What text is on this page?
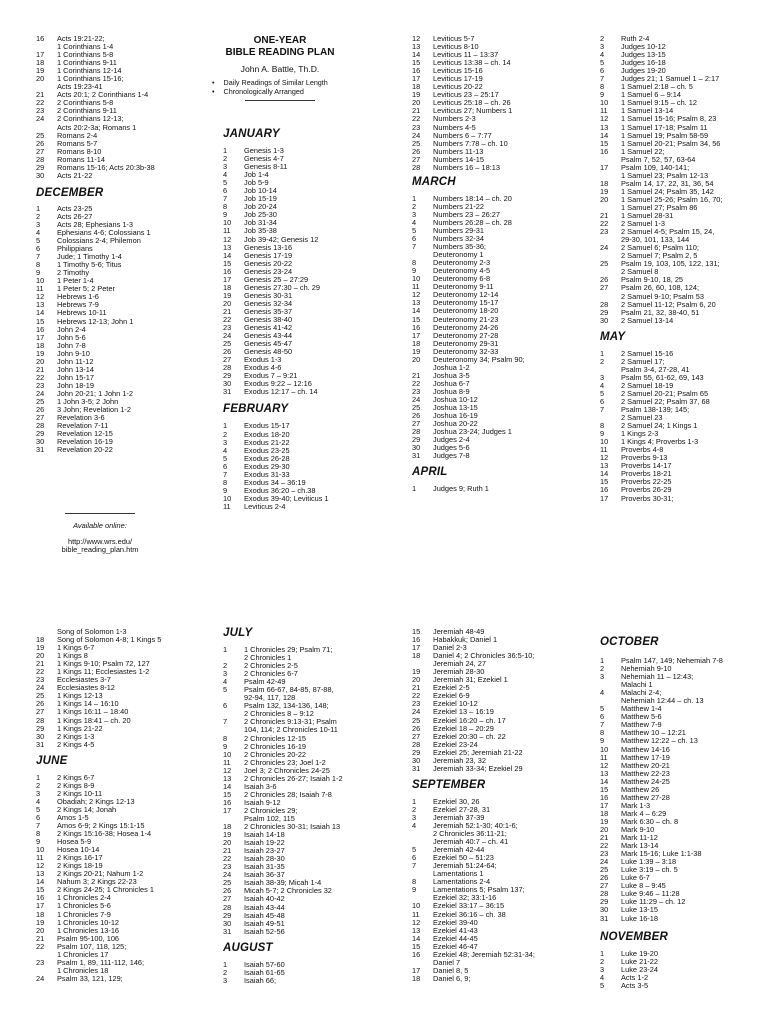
ONE-YEAR
BIBLE READING PLAN
John A. Battle, Th.D.
• Daily Readings of Similar Length
• Chronologically Arranged
Available online:
http://www.wrs.edu/
bible_reading_plan.htm
16 Acts 19:21-22;
1 Corinthians 1-4
17 1 Corinthians 5-8
18 1 Corinthians 9-11
19 1 Corinthians 12-14
20 1 Corinthians 15-16;
Acts 19:23-41
21 Acts 20:1; 2 Corinthians 1-4
22 2 Corinthians 5-8
23 2 Corinthians 9-11
24 2 Corinthians 12-13;
Acts 20:2-3a; Romans 1
25 Romans 2-4
26 Romans 5-7
27 Romans 8-10
28 Romans 11-14
29 Romans 15-16; Acts 20:3b-38
30 Acts 21-22
DECEMBER
1 Acts 23-25
2 Acts 26-27
3 Acts 28; Ephesians 1-3
4 Ephesians 4-6; Colossians 1
5 Colossians 2-4; Philemon
6 Philippians
7 Jude; 1 Timothy 1-4
8 1 Timothy 5-6; Titus
9 2 Timothy
10 1 Peter 1-4
11 1 Peter 5; 2 Peter
12 Hebrews 1-6
13 Hebrews 7-9
14 Hebrews 10-11
15 Hebrews 12-13; John 1
16 John 2-4
17 John 5-6
18 John 7-8
19 John 9-10
20 John 11-12
21 John 13-14
22 John 15-17
23 John 18-19
24 John 20-21; 1 John 1-2
25 1 John 3-5; 2 John
26 3 John; Revelation 1-2
27 Revelation 3-6
28 Revelation 7-11
29 Revelation 12-15
30 Revelation 16-19
31 Revelation 20-22
JANUARY
1 Genesis 1-3
2 Genesis 4-7
3 Genesis 8-11
4 Job 1-4
5 Job 5-9
6 Job 10-14
7 Job 15-19
8 Job 20-24
9 Job 25-30
10 Job 31-34
11 Job 35-38
12 Job 39-42; Genesis 12
13 Genesis 13-16
14 Genesis 17-19
15 Genesis 20-22
16 Genesis 23-24
17 Genesis 25 – 27:29
18 Genesis 27:30 – ch. 29
19 Genesis 30-31
20 Genesis 32-34
21 Genesis 35-37
22 Genesis 38-40
23 Genesis 41-42
24 Genesis 43-44
25 Genesis 45-47
26 Genesis 48-50
27 Exodus 1-3
28 Exodus 4-6
29 Exodus 7 – 9:21
30 Exodus 9:22 – 12:16
31 Exodus 12:17 – ch. 14
FEBRUARY
1 Exodus 15-17
2 Exodus 18-20
3 Exodus 21-22
4 Exodus 23-25
5 Exodus 26-28
6 Exodus 29-30
7 Exodus 31-33
8 Exodus 34 – 36:19
9 Exodus 36:20 – ch.38
10 Exodus 39-40; Leviticus 1
11 Leviticus 2-4
12 Leviticus 5-7
13 Leviticus 8-10
14 Leviticus 11 – 13:37
15 Leviticus 13:38 – ch. 14
16 Leviticus 15-16
17 Leviticus 17-19
18 Leviticus 20-22
19 Leviticus 23 – 25:17
20 Leviticus 25:18 – ch. 26
21 Leviticus 27; Numbers 1
22 Numbers 2-3
23 Numbers 4-5
24 Numbers 6 – 7:77
25 Numbers 7:78 – ch. 10
26 Numbers 11-13
27 Numbers 14-15
28 Numbers 16 – 18:13
MARCH
1 Numbers 18:14 – ch. 20
2 Numbers 21-22
3 Numbers 23 – 26:27
4 Numbers 26:28 – ch. 28
5 Numbers 29-31
6 Numbers 32-34
7 Numbers 35-36;
Deuteronomy 1
8 Deuteronomy 2-3
9 Deuteronomy 4-5
10 Deuteronomy 6-8
11 Deuteronomy 9-11
12 Deuteronomy 12-14
13 Deuteronomy 15-17
14 Deuteronomy 18-20
15 Deuteronomy 21-23
16 Deuteronomy 24-26
17 Deuteronomy 27-28
18 Deuteronomy 29-31
19 Deuteronomy 32-33
20 Deuteronomy 34; Psalm 90;
Joshua 1-2
21 Joshua 3-5
22 Joshua 6-7
23 Joshua 8-9
24 Joshua 10-12
25 Joshua 13-15
26 Joshua 16-19
27 Joshua 20-22
28 Joshua 23-24; Judges 1
29 Judges 2-4
30 Judges 5-6
31 Judges 7-8
APRIL
1 Judges 9; Ruth 1
2 Ruth 2-4
3 Judges 10-12
4 Judges 13-15
5 Judges 16-18
6 Judges 19-20
7 Judges 21; 1 Samuel 1 – 2:17
8 1 Samuel 2:18 – ch. 5
9 1 Samuel 6 – 9:14
10 1 Samuel 9:15 – ch. 12
11 1 Samuel 13-14
12 1 Samuel 15-16; Psalm 8, 23
13 1 Samuel 17-18; Psalm 11
14 1 Samuel 19; Psalm 58-59
15 1 Samuel 20-21; Psalm 34, 56
16 1 Samuel 22;
Psalm 7, 52, 57, 63-64
17 Psalm 109, 140-141;
1 Samuel 23; Psalm 12-13
18 Psalm 14, 17, 22, 31, 36, 54
19 1 Samuel 24; Psalm 35, 142
20 1 Samuel 25-26; Psalm 16, 70;
1 Samuel 27; Psalm 86
21 1 Samuel 28-31
22 2 Samuel 1-3
23 2 Samuel 4-5; Psalm 15, 24,
29-30, 101, 133, 144
24 2 Samuel 6; Psalm 110;
2 Samuel 7; Psalm 2, 5
25 Psalm 19, 103, 105, 122, 131;
2 Samuel 8
26 Psalm 9-10, 18, 25
27 Psalm 26, 60, 108, 124;
2 Samuel 9-10; Psalm 53
28 2 Samuel 11-12; Psalm 6, 20
29 Psalm 21, 32, 38-40, 51
30 2 Samuel 13-14
MAY
1 2 Samuel 15-16
2 2 Samuel 17;
Psalm 3-4, 27-28, 41
3 Psalm 55, 61-62, 69, 143
4 2 Samuel 18-19
5 2 Samuel 20-21; Psalm 65
6 2 Samuel 22; Psalm 37, 68
7 Psalm 138-139; 145;
2 Samuel 23
8 2 Samuel 24; 1 Kings 1
9 1 Kings 2-3
10 1 Kings 4; Proverbs 1-3
11 Proverbs 4-8
12 Proverbs 9-13
13 Proverbs 14-17
14 Proverbs 18-21
15 Proverbs 22-25
16 Proverbs 26-29
17 Proverbs 30-31;
Song of Solomon 1-3
18 Song of Solomon 4-8; 1 Kings 5
19 1 Kings 6-7
20 1 Kings 8
21 1 Kings 9-10; Psalm 72, 127
22 1 Kings 11; Ecclesiastes 1-2
23 Ecclesiastes 3-7
24 Ecclesiastes 8-12
25 1 Kings 12-13
26 1 Kings 14 – 16:10
27 1 Kings 16:11 – 18:40
28 1 Kings 18:41 – ch. 20
29 1 Kings 21-22
30 2 Kings 1-3
31 2 Kings 4-5
JUNE
1 2 Kings 6-7
2 2 Kings 8-9
3 2 Kings 10-11
4 Obadiah; 2 Kings 12-13
5 2 Kings 14; Jonah
6 Amos 1-5
7 Amos 6-9; 2 Kings 15:1-15
8 2 Kings 15:16-38; Hosea 1-4
9 Hosea 5-9
10 Hosea 10-14
11 2 Kings 16-17
12 2 Kings 18-19
13 2 Kings 20-21; Nahum 1-2
14 Nahum 3; 2 Kings 22-23
15 2 Kings 24-25; 1 Chronicles 1
16 1 Chronicles 2-4
17 1 Chronicles 5-6
18 1 Chronicles 7-9
19 1 Chronicles 10-12
20 1 Chronicles 13-16
21 Psalm 95-100, 106
22 Psalm 107, 118, 125;
1 Chronicles 17
23 Psalm 1, 89, 111-112, 146;
1 Chronicles 18
24 Psalm 33, 121, 129;
JULY
1 1 Chronicles 29; Psalm 71;
2 Chronicles 1
2 2 Chronicles 2-5
3 2 Chronicles 6-7
4 Psalm 42-49
5 Psalm 66-67, 84-85, 87-88,
92-94, 117, 128
6 Psalm 132, 134-136, 148;
2 Chronicles 8 – 9:12
7 2 Chronicles 9:13-31; Psalm
104, 114; 2 Chronicles 10-11
8 2 Chronicles 12-15
9 2 Chronicles 16-19
10 2 Chronicles 20-22
11 2 Chronicles 23; Joel 1-2
12 Joel 3; 2 Chronicles 24-25
13 2 Chronicles 26-27; Isaiah 1-2
14 Isaiah 3-6
15 2 Chronicles 28; Isaiah 7-8
16 Isaiah 9-12
17 2 Chronicles 29;
Psalm 102, 115
18 2 Chronicles 30-31; Isaiah 13
19 Isaiah 14-18
20 Isaiah 19-22
21 Isaiah 23-27
22 Isaiah 28-30
23 Isaiah 31-35
24 Isaiah 36-37
25 Isaiah 38-39; Micah 1-4
26 Micah 5-7; 2 Chronicles 32
27 Isaiah 40-42
28 Isaiah 43-44
29 Isaiah 45-48
30 Isaiah 49-51
31 Isaiah 52-56
AUGUST
1 Isaiah 57-60
2 Isaiah 61-65
3 Isaiah 66;
15 Jeremiah 48-49
16 Habakkuk; Daniel 1
17 Daniel 2-3
18 Daniel 4; 2 Chronicles 36:5-10;
Jeremiah 24, 27
19 Jeremiah 28-30
20 Jeremiah 31; Ezekiel 1
21 Ezekiel 2-5
22 Ezekiel 6-9
23 Ezekiel 10-12
24 Ezekiel 13 – 16:19
25 Ezekiel 16:20 – ch. 17
26 Ezekiel 18 – 20:29
27 Ezekiel 20:30 – ch. 22
28 Ezekiel 23-24
29 Ezekiel 25; Jeremiah 21-22
30 Jeremiah 23, 32
31 Jeremiah 33-34; Ezekiel 29
SEPTEMBER
1 Ezekiel 30, 26
2 Ezekiel 27-28, 31
3 Jeremiah 37-39
4 Jeremiah 52:1-30; 40:1-6;
2 Chronicles 36:11-21;
Jeremiah 40:7 – ch. 41
5 Jeremiah 42-44
6 Ezekiel 50 – 51:23
7 Jeremiah 51:24-64;
Lamentations 1
8 Lamentations 2-4
9 Lamentations 5; Psalm 137;
Ezekiel 32; 33:1-16
10 Ezekiel 33:17 – 36:15
11 Ezekiel 36:16 – ch. 38
12 Ezekiel 39-40
13 Ezekiel 41-43
14 Ezekiel 44-45
15 Ezekiel 46-47
16 Ezekiel 48; Jeremiah 52:31-34;
Daniel 7
17 Daniel 8, 5
18 Daniel 6, 9;
OCTOBER
1 Psalm 147, 149; Nehemiah 7-8
2 Nehemiah 9-10
3 Nehemiah 11 – 12:43;
Malachi 1
4 Malachi 2-4;
Nehemiah 12:44 – ch. 13
5 Matthew 1-4
6 Matthew 5-6
7 Matthew 7-9
8 Matthew 10 – 12:21
9 Matthew 12:22 – ch. 13
10 Matthew 14-16
11 Matthew 17-19
12 Matthew 20-21
13 Matthew 22-23
14 Matthew 24-25
15 Matthew 26
16 Matthew 27-28
17 Mark 1-3
18 Mark 4 – 6:29
19 Mark 6:30 – ch. 8
20 Mark 9-10
21 Mark 11-12
22 Mark 13-14
23 Mark 15-16; Luke 1:1-38
24 Luke 1:39 – 3:18
25 Luke 3:19 – ch. 5
26 Luke 6-7
27 Luke 8 – 9:45
28 Luke 9:46 – 11:28
29 Luke 11:29 – ch. 12
30 Luke 13-15
31 Luke 16-18
NOVEMBER
1 Luke 19-20
2 Luke 21-22
3 Luke 23-24
4 Acts 1-2
5 Acts 3-5
